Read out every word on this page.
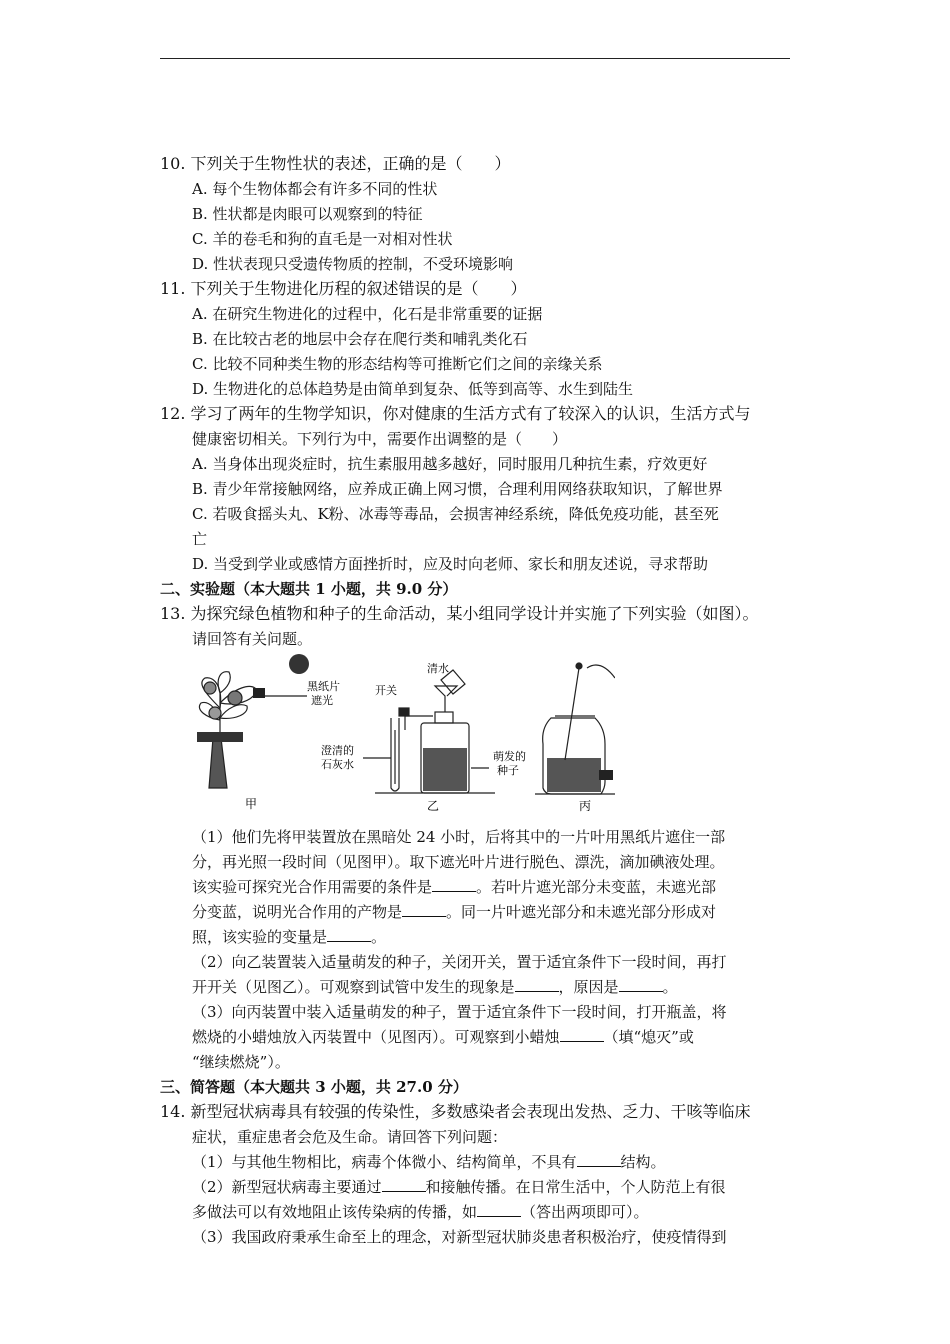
10. 下列关于生物性状的表述，正确的是（　　）
A. 每个生物体都会有许多不同的性状
B. 性状都是肉眼可以观察到的特征
C. 羊的卷毛和狗的直毛是一对相对性状
D. 性状表现只受遗传物质的控制，不受环境影响
11. 下列关于生物进化历程的叙述错误的是（　　）
A. 在研究生物进化的过程中，化石是非常重要的证据
B. 在比较古老的地层中会存在爬行类和哺乳类化石
C. 比较不同种类生物的形态结构等可推断它们之间的亲缘关系
D. 生物进化的总体趋势是由简单到复杂、低等到高等、水生到陆生
12. 学习了两年的生物学知识，你对健康的生活方式有了较深入的认识，生活方式与
健康密切相关。下列行为中，需要作出调整的是（　　）
A. 当身体出现炎症时，抗生素服用越多越好，同时服用几种抗生素，疗效更好
B. 青少年常接触网络，应养成正确上网习惯，合理利用网络获取知识，了解世界
C. 若吸食摇头丸、K粉、冰毒等毒品，会损害神经系统，降低免疫功能，甚至死
亡
D. 当受到学业或感情方面挫折时，应及时向老师、家长和朋友述说，寻求帮助
二、实验题（本大题共 1 小题，共 9.0 分）
13. 为探究绿色植物和种子的生命活动，某小组同学设计并实施了下列实验（如图）。
请回答有关问题。
黑纸片
遮光
甲
开关
清水
澄清的
石灰水
萌发的
种子
乙	丙
（1）他们先将甲装置放在黑暗处 24 小时，后将其中的一片叶用黑纸片遮住一部
分，再光照一段时间（见图甲）。取下遮光叶片进行脱色、漂洗，滴加碘液处理。
该实验可探究光合作用需要的条件是	。若叶片遮光部分未变蓝，未遮光部
分变蓝，说明光合作用的产物是	。同一片叶遮光部分和未遮光部分形成对
照，该实验的变量是	。
（2）向乙装置装入适量萌发的种子，关闭开关，置于适宜条件下一段时间，再打
开开关（见图乙）。可观察到试管中发生的现象是	，原因是	。
（3）向丙装置中装入适量萌发的种子，置于适宜条件下一段时间，打开瓶盖，将
燃烧的小蜡烛放入丙装置中（见图丙）。可观察到小蜡烛	（填“熄灭”或
“继续燃烧”）。
三、简答题（本大题共 3 小题，共 27.0 分）
14. 新型冠状病毒具有较强的传染性，多数感染者会表现出发热、乏力、干咳等临床
症状，重症患者会危及生命。请回答下列问题：
（1）与其他生物相比，病毒个体微小、结构简单，不具有	结构。
（2）新型冠状病毒主要通过	和接触传播。在日常生活中，个人防范上有很
多做法可以有效地阻止该传染病的传播，如	（答出两项即可）。
（3）我国政府秉承生命至上的理念，对新型冠状肺炎患者积极治疗，使疫情得到
